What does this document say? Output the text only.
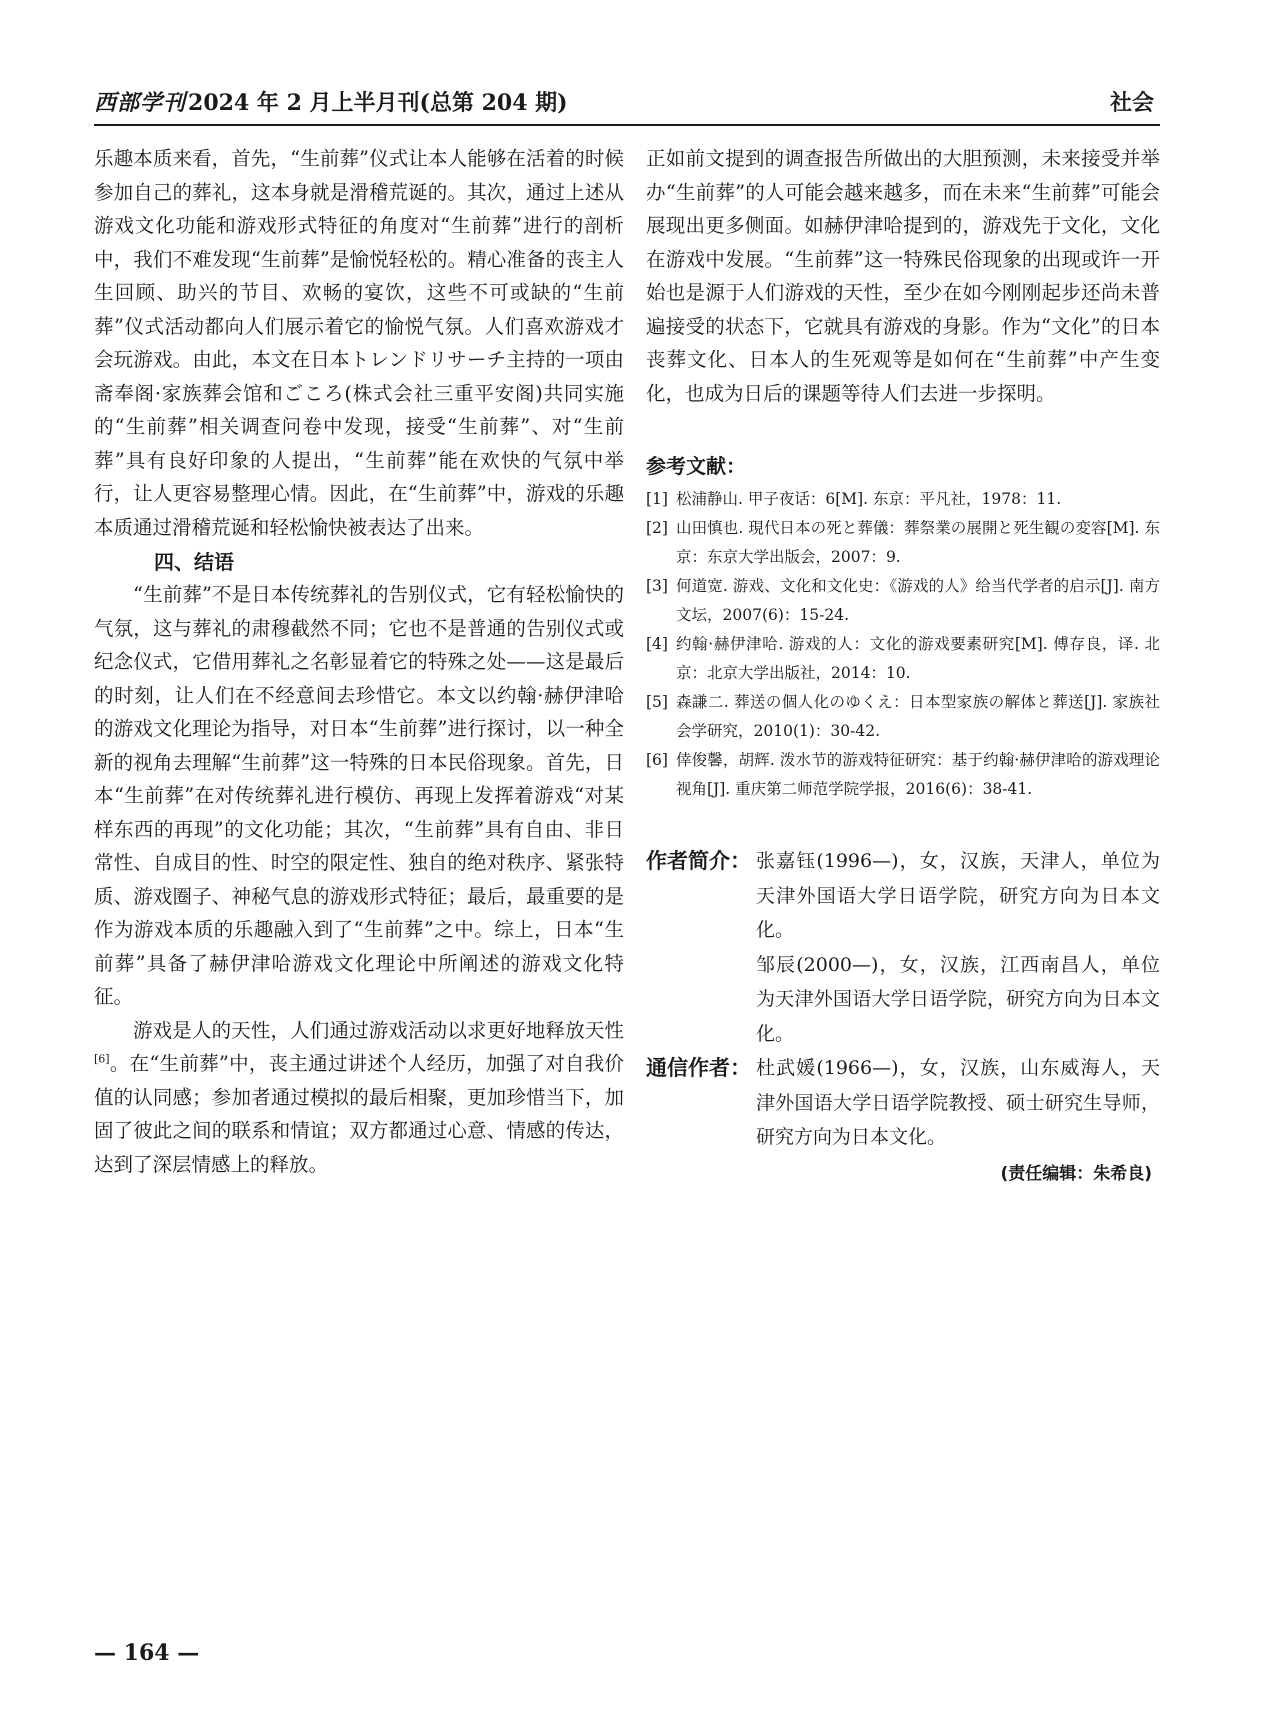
西部学刊2024 年 2 月上半月刊(总第 204 期)	社会

乐趣本质来看，首先，“生前葬”仪式让本人能够在活着的时候参加自己的葬礼，这本身就是滑稽荒诞的。其次，通过上述从游戏文化功能和游戏形式特征的角度对“生前葬”进行的剖析中，我们不难发现“生前葬”是愉悦轻松的。精心准备的丧主人生回顾、助兴的节目、欢畅的宴饮，这些不可或缺的“生前葬”仪式活动都向人们展示着它的愉悦气氛。人们喜欢游戏才会玩游戏。由此，本文在日本トレンドリサーチ主持的一项由斋奉阁·家族葬会馆和ごころ(株式会社三重平安阁)共同实施的“生前葬”相关调查问卷中发现，接受“生前葬”、对“生前葬”具有良好印象的人提出，“生前葬”能在欢快的气氛中举行，让人更容易整理心情。因此，在“生前葬”中，游戏的乐趣本质通过滑稽荒诞和轻松愉快被表达了出来。

四、结语

“生前葬”不是日本传统葬礼的告别仪式，它有轻松愉快的气氛，这与葬礼的肃穆截然不同；它也不是普通的告别仪式或纪念仪式，它借用葬礼之名彰显着它的特殊之处——这是最后的时刻，让人们在不经意间去珍惜它。本文以约翰·赫伊津哈的游戏文化理论为指导，对日本“生前葬”进行探讨，以一种全新的视角去理解“生前葬”这一特殊的日本民俗现象。首先，日本“生前葬”在对传统葬礼进行模仿、再现上发挥着游戏“对某样东西的再现”的文化功能；其次，“生前葬”具有自由、非日常性、自成目的性、时空的限定性、独自的绝对秩序、紧张特质、游戏圈子、神秘气息的游戏形式特征；最后，最重要的是作为游戏本质的乐趣融入到了“生前葬”之中。综上，日本“生前葬”具备了赫伊津哈游戏文化理论中所阐述的游戏文化特征。

游戏是人的天性，人们通过游戏活动以求更好地释放天性[6]。在“生前葬”中，丧主通过讲述个人经历，加强了对自我价值的认同感；参加者通过模拟的最后相聚，更加珍惜当下，加固了彼此之间的联系和情谊；双方都通过心意、情感的传达，达到了深层情感上的释放。

正如前文提到的调查报告所做出的大胆预测，未来接受并举办“生前葬”的人可能会越来越多，而在未来“生前葬”可能会展现出更多侧面。如赫伊津哈提到的，游戏先于文化，文化在游戏中发展。“生前葬”这一特殊民俗现象的出现或许一开始也是源于人们游戏的天性，至少在如今刚刚起步还尚未普遍接受的状态下，它就具有游戏的身影。作为“文化”的日本丧葬文化、日本人的生死观等是如何在“生前葬”中产生变化，也成为日后的课题等待人们去进一步探明。

参考文献：
[1] 松浦静山. 甲子夜话：6[M]. 东京：平凡社，1978：11.
[2] 山田慎也. 現代日本の死と葬儀：葬祭業の展開と死生観の変容[M]. 东京：东京大学出版会，2007：9.
[3] 何道宽. 游戏、文化和文化史：《游戏的人》给当代学者的启示[J]. 南方文坛，2007(6)：15-24.
[4] 约翰·赫伊津哈. 游戏的人：文化的游戏要素研究[M]. 傅存良，译. 北京：北京大学出版社，2014：10.
[5] 森謙二. 葬送の個人化のゆくえ：日本型家族の解体と葬送[J]. 家族社会学研究，2010(1)：30-42.
[6] 倖俊馨，胡辉. 泼水节的游戏特征研究：基于约翰·赫伊津哈的游戏理论视角[J]. 重庆第二师范学院学报，2016(6)：38-41.
作者简介： 张嘉钰(1996—)，女，汉族，天津人，单位为天津外国语大学日语学院，研究方向为日本文化。

邹辰(2000—)，女，汉族，江西南昌人，单位为天津外国语大学日语学院，研究方向为日本文化。

通信作者： 杜武媛(1966—)，女，汉族，山东威海人，天津外国语大学日语学院教授、硕士研究生导师，研究方向为日本文化。

(责任编辑：朱希良)
— 164 —
